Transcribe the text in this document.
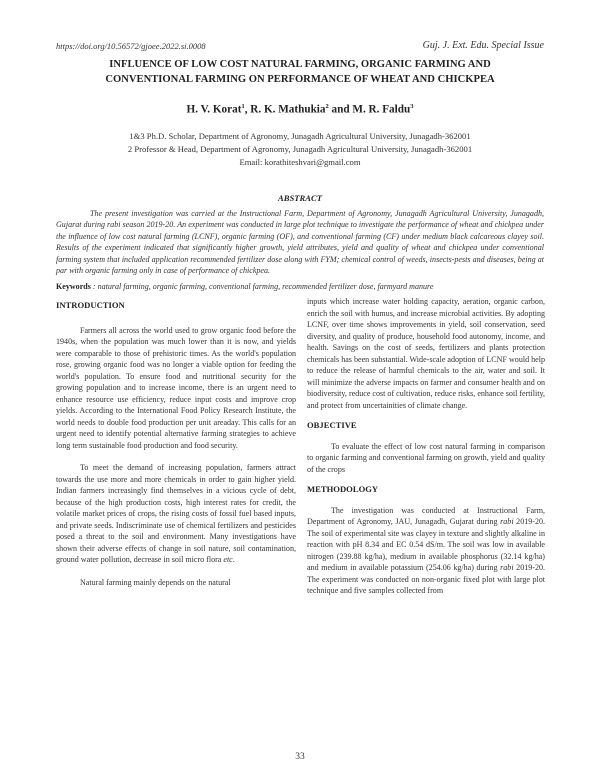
https://doi.org/10.56572/gjoee.2022.si.0008	Guj. J. Ext. Edu. Special Issue
INFLUENCE OF LOW COST NATURAL FARMING, ORGANIC FARMING AND
CONVENTIONAL FARMING ON PERFORMANCE OF WHEAT AND CHICKPEA
H. V. Korat$^1$, R. K. Mathukia$^2$ and M. R. Faldu$^3$
1&3 Ph.D. Scholar, Department of Agronomy, Junagadh Agricultural University, Junagadh-362001
2 Professor & Head, Department of Agronomy, Junagadh Agricultural University, Junagadh-362001
Email: korathiteshvari@gmail.com
ABSTRACT
The present investigation was carried at the Instructional Farm, Department of Agronomy, Junagadh Agricultural University, Junagadh, Gujarat during rabi season 2019-20. An experiment was conducted in large plot technique to investigate the performance of wheat and chickpea under the influence of low cost natural farming (LCNF), organic farming (OF), and conventional farming (CF) under medium black calcareous clayey soil. Results of the experiment indicated that significantly higher growth, yield attributes, yield and quality of wheat and chickpea under conventional farming system that included application recommended fertilizer dose along with FYM; chemical control of weeds, insects-pests and diseases, being at par with organic farming only in case of performance of chickpea.
Keywords : natural farming, organic farming, conventional farming, recommended fertilizer dose, farmyard manure

INTRODUCTION

Farmers all across the world used to grow organic food before the 1940s, when the population was much lower than it is now, and yields were comparable to those of prehistoric times. As the world's population rose, growing organic food was no longer a viable option for feeding the world's population. To ensure food and nutritional security for the growing population and to increase income, there is an urgent need to enhance resource use efficiency, reduce input costs and improve crop yields. According to the International Food Policy Research Institute, the world needs to double food production per unit areaday. This calls for an urgent need to identify potential alternative farming strategies to achieve long term sustainable food production and food security.

To meet the demand of increasing population, farmers attract towards the use more and more chemicals in order to gain higher yield. Indian farmers increasingly find themselves in a vicious cycle of debt, because of the high production costs, high interest rates for credit, the volatile market prices of crops, the rising costs of fossil fuel based inputs, and private seeds. Indiscriminate use of chemical fertilizers and pesticides posed a threat to the soil and environment. Many investigations have shown their adverse effects of change in soil nature, soil contamination, ground water pollution, decrease in soil micro flora etc.

Natural farming mainly depends on the natural

inputs which increase water holding capacity, aeration, organic carbon, enrich the soil with humus, and increase microbial activities. By adopting LCNF, over time shows improvements in yield, soil conservation, seed diversity, and quality of produce, household food autonomy, income, and health. Savings on the cost of seeds, fertilizers and plants protection chemicals has been substantial. Wide-scale adoption of LCNF would help to reduce the release of harmful chemicals to the air, water and soil. It will minimize the adverse impacts on farmer and consumer health and on biodiversity, reduce cost of cultivation, reduce risks, enhance soil fertility, and protect from uncertainities of climate change.

OBJECTIVE

To evaluate the effect of low cost natural farming in comparison to organic farming and conventional farming on growth, yield and quality of the crops

METHODOLOGY

The investigation was conducted at Instructional Farm, Department of Agronomy, JAU, Junagadh, Gujarat during rabi 2019-20. The soil of experimental site was clayey in texture and slightly alkaline in reaction with pH 8.34 and EC 0.54 dS/m. The soil was low in available nitrogen (239.88 kg/ha), medium in available phosphorus (32.14 kg/ha) and medium in available potassium (254.06 kg/ha) during rabi 2019-20. The experiment was conducted on non-organic fixed plot with large plot technique and five samples collected from

33
